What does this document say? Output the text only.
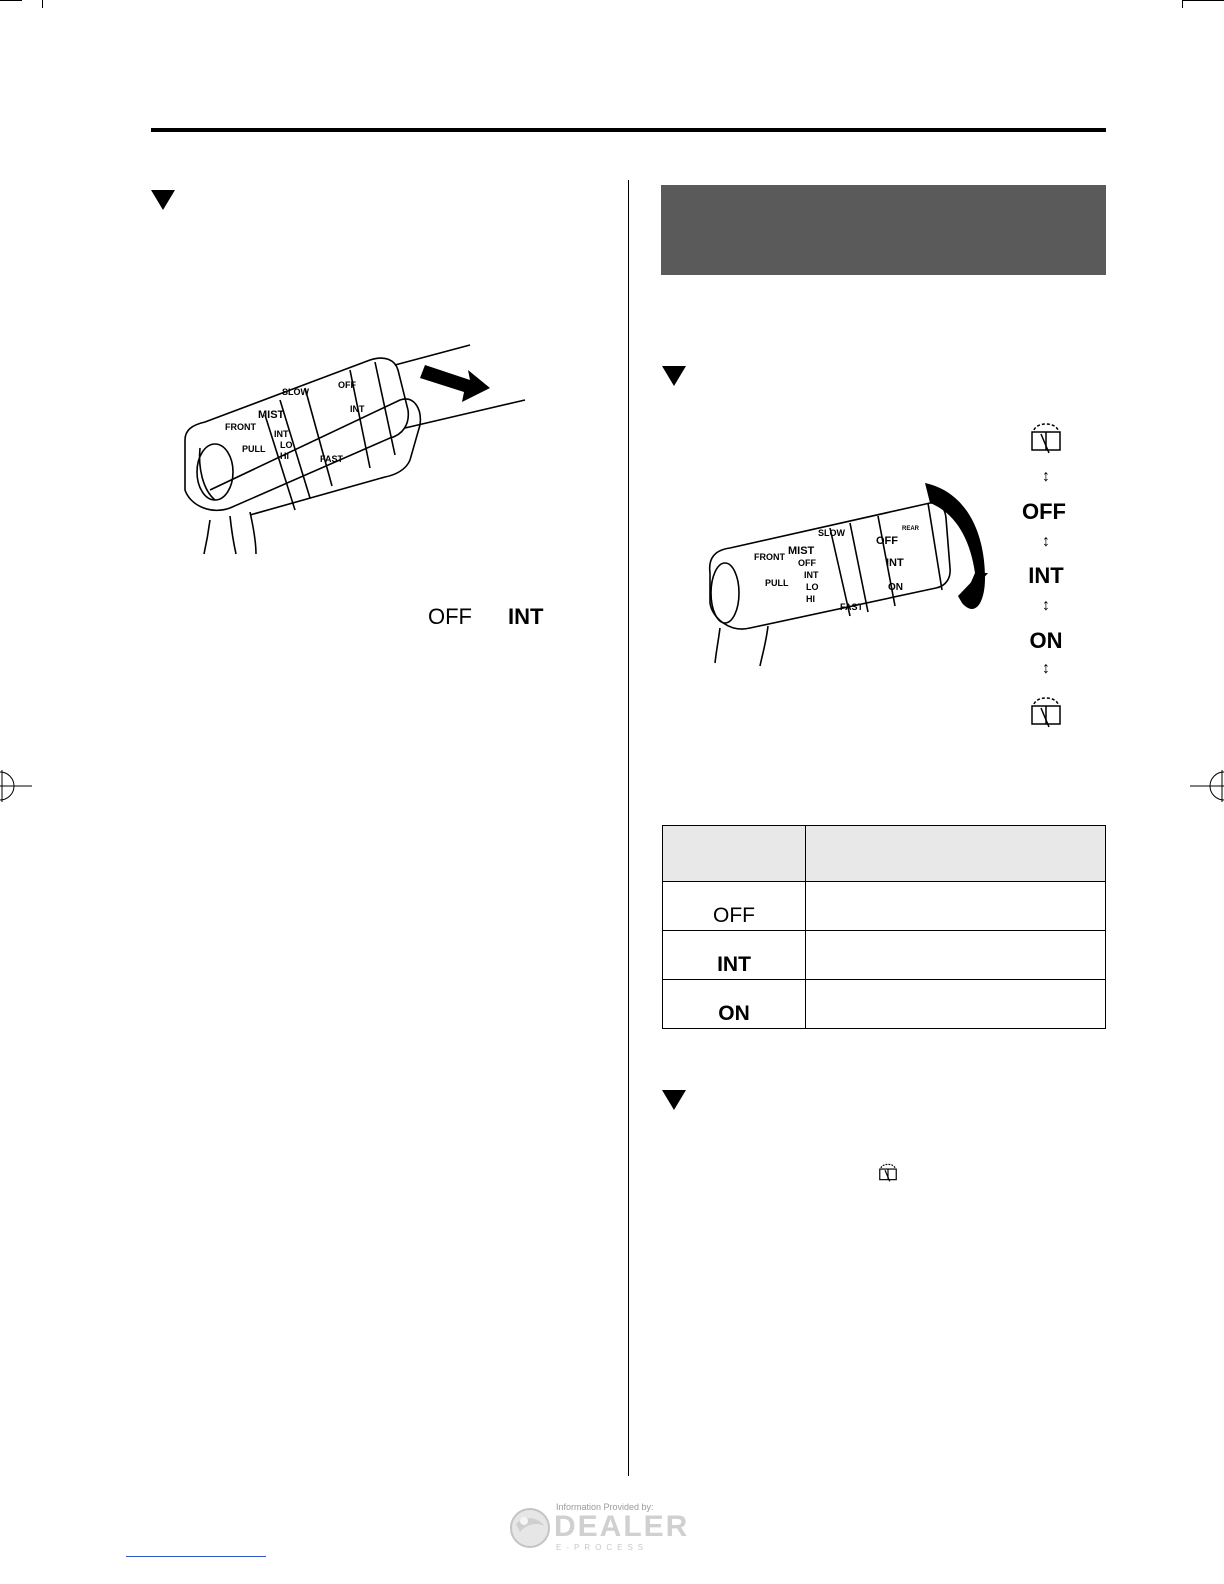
FRONT
MIST
PULL
INT
LO
HI
OFF
INT
SLOW
FAST
OFF INT
FRONT MIST
PULL
OFF
INT
LO
HI
SLOW
FAST
OFF
INT
ON
REAR
↕
OFF
↕
INT
↕
ON
↕

OFF	
INT	
ON	
Information Provided by:
DEALER
E-PROCESS
